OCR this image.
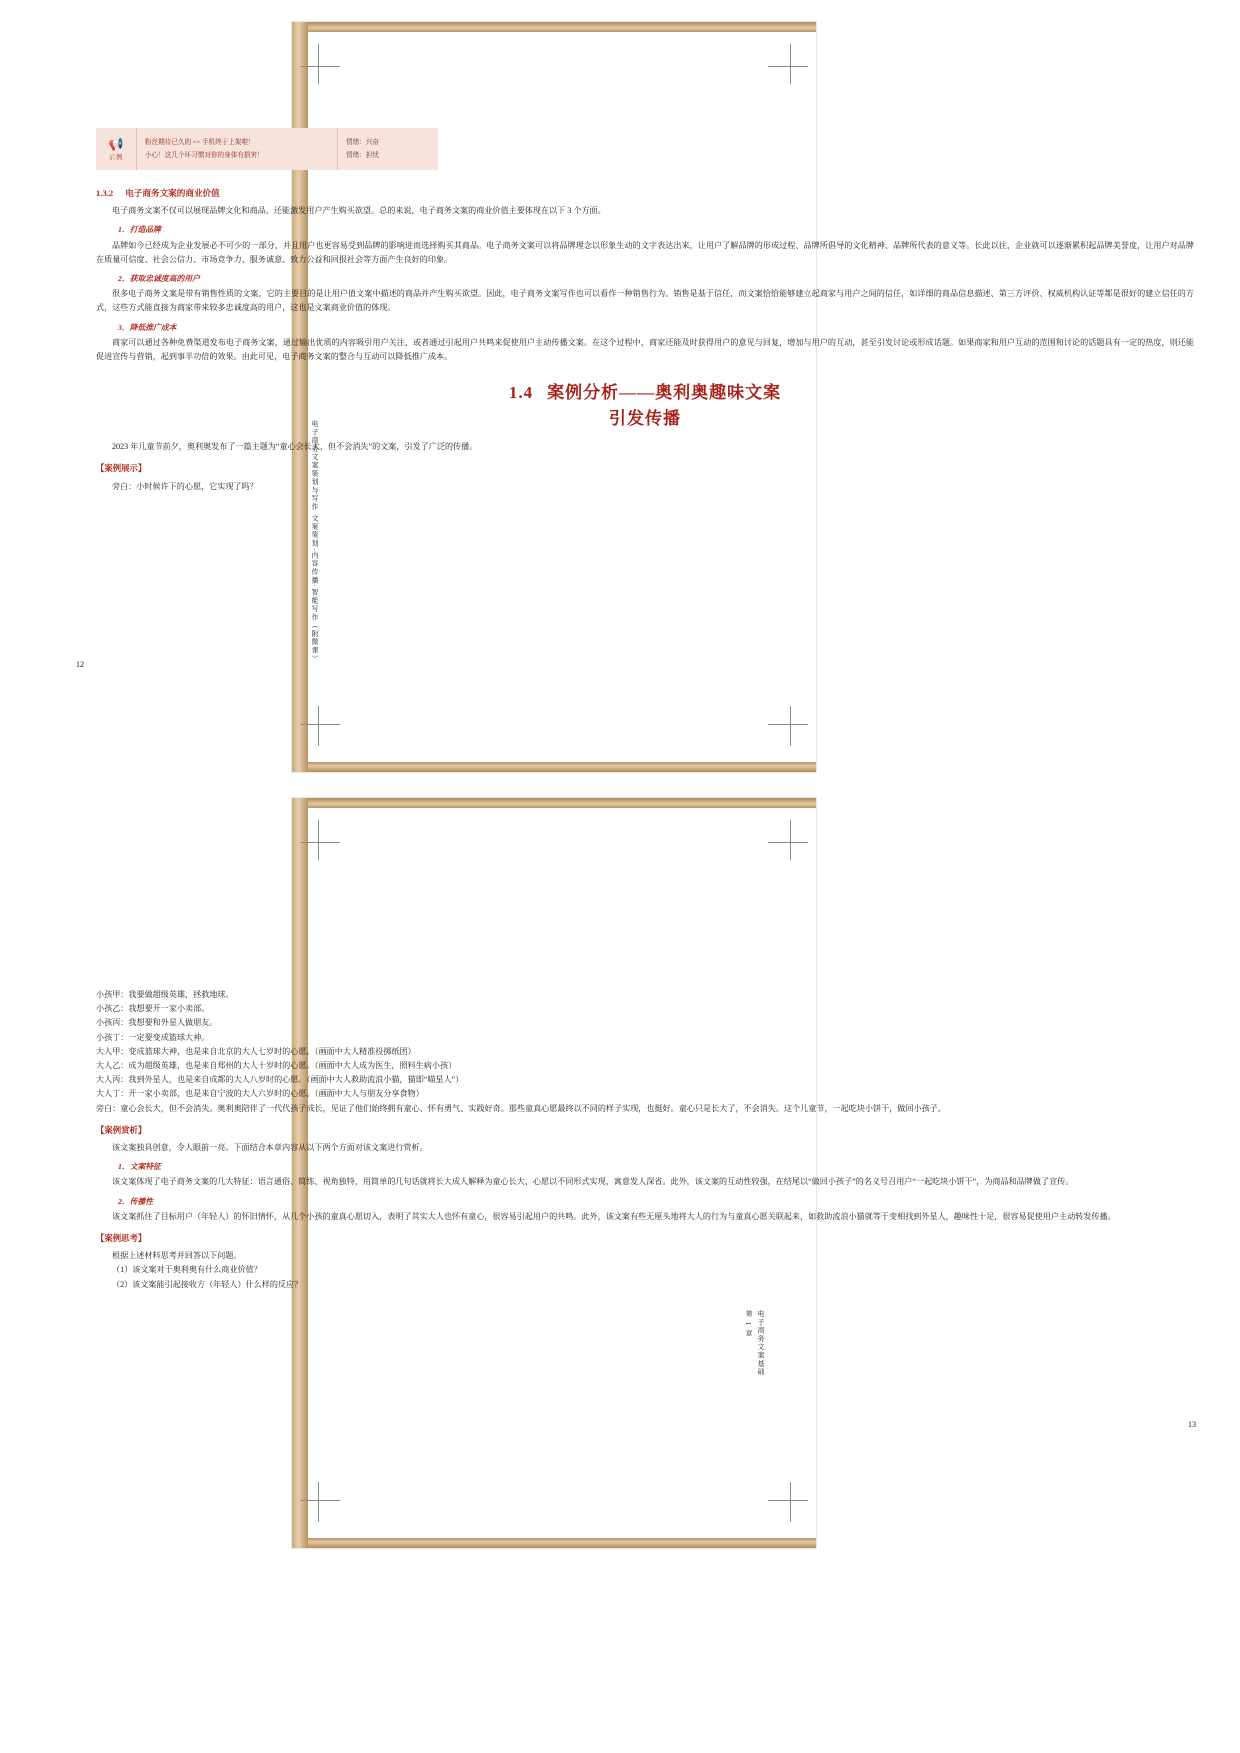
📢
示例
粉丝期待已久的 ×× 手机终于上架啦！
小心！这几个坏习惯对你的身体有损害！
情绪：兴奋
情绪：担忧
1.3.2 电子商务文案的商业价值

电子商务文案不仅可以展现品牌文化和商品，还能激发用户产生购买欲望。总的来说，电子商务文案的商业价值主要体现在以下 3 个方面。

1．打造品牌

品牌如今已经成为企业发展必不可少的一部分，并且用户也更容易受到品牌的影响进而选择购买其商品。电子商务文案可以将品牌理念以形象生动的文字表达出来，让用户了解品牌的形成过程、品牌所倡导的文化精神、品牌所代表的意义等。长此以往，企业就可以逐渐累积起品牌美誉度，让用户对品牌在质量可信度、社会公信力、市场竞争力、服务诚意、致力公益和回报社会等方面产生良好的印象。

2．获取忠诚度高的用户

很多电子商务文案是带有销售性质的文案，它的主要目的是让用户值文案中描述的商品并产生购买欲望。因此，电子商务文案写作也可以看作一种销售行为。销售是基于信任，而文案恰恰能够建立起商家与用户之间的信任，如详细的商品信息描述、第三方评价、权威机构认证等都是很好的建立信任的方式，这些方式能直接为商家带来较多忠诚度高的用户，这也是文案商业价值的体现。

3．降低推广成本

商家可以通过各种免费渠道发布电子商务文案，通过输出优质的内容吸引用户关注，或者通过引起用户共鸣来促使用户主动传播文案。在这个过程中，商家还能及时获得用户的意见与回复，增加与用户的互动，甚至引发讨论或形成话题。如果商家和用户互动的范围和讨论的话题具有一定的热度，则还能促进宣传与营销，起到事半功倍的效果。由此可见，电子商务文案的整合与互动可以降低推广成本。

1.4 案例分析——奥利奥趣味文案
引发传播

2023 年儿童节前夕，奥利奥发布了一篇主题为“童心会长大，但不会消失”的文案，引发了广泛的传播。

【案例展示】

旁白：小时候许下的心愿，它实现了吗？

12
电子商务文案策划与写作 文案策划·内容传播·智能写作（附微课）

小孩甲：我要做超级英雄，拯救地球。

小孩乙：我想要开一家小卖部。

小孩丙：我想要和外星人做朋友。

小孩丁：一定要变成篮球大神。

大人甲：变成篮球大神，也是来自北京的大人七岁时的心愿。（画面中大人精准投掷纸团）

大人乙：成为超级英雄，也是来自郑州的大人十岁时的心愿。（画面中大人成为医生，照料生病小孩）

大人丙：我到外星人，也是来自成都的大人八岁时的心愿。（画面中大人救助流浪小猫，猫即“喵星人”）

大人丁：开一家小卖部，也是来自宁波的大人六岁时的心愿。（画面中大人与朋友分享食物）

旁白：童心会长大，但不会消失。奥利奥陪伴了一代代孩子成长，见证了他们始终拥有童心、怀有勇气、实践好奇。那些童真心愿最终以不同的样子实现，也挺好。童心只是长大了，不会消失。这个儿童节，一起吃块小饼干，做回小孩子。

【案例赏析】

该文案独具创意，令人眼前一亮。下面结合本章内容从以下两个方面对该文案进行赏析。

1．文案特征

该文案体现了电子商务文案的几大特征：语言通俗、简练、视角独特，用简单的几句话就将长大成人解释为童心长大、心愿以不同形式实现，寓意发人深省。此外，该文案的互动性较强，在结尾以“做回小孩子”的名义号召用户“一起吃块小饼干”，为商品和品牌做了宣传。

2．传播性

该文案抓住了目标用户（年轻人）的怀旧情怀，从几个小孩的童真心愿切入，表明了其实大人也怀有童心，很容易引起用户的共鸣。此外，该文案有些无厘头地将大人的行为与童真心愿关联起来，如救助流浪小猫就等于变相找到外星人，趣味性十足，很容易促使用户主动转发传播。

【案例思考】

根据上述材料思考并回答以下问题。

（1）该文案对于奥利奥有什么商业价值？

（2）该文案能引起接收方（年轻人）什么样的反应？

13
第 1 章 电子商务文案基础
